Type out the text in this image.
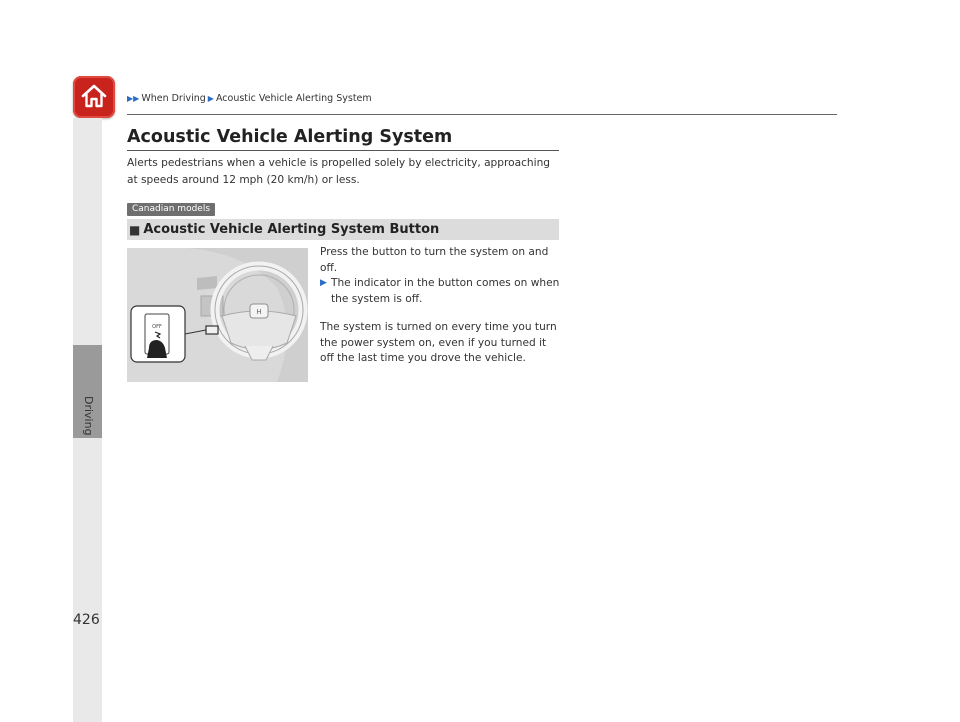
Driving
▶▶ When Driving ▶ Acoustic Vehicle Alerting System
Acoustic Vehicle Alerting System
Alerts pedestrians when a vehicle is propelled solely by electricity, approaching at speeds around 12 mph (20 km/h) or less.
Canadian models
■ Acoustic Vehicle Alerting System Button
H
OFF

Press the button to turn the system on and off.

▶ The indicator in the button comes on when the system is off.

The system is turned on every time you turn the power system on, even if you turned it off the last time you drove the vehicle.

426
